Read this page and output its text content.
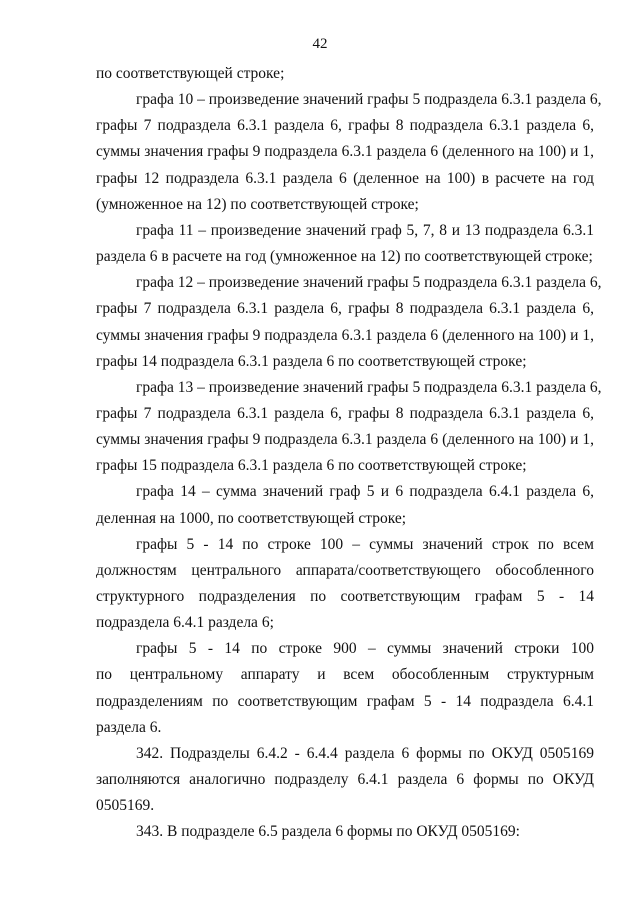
42
по соответствующей строке;
графа 10 – произведение значений графы 5 подраздела 6.3.1 раздела 6,
графы 7 подраздела 6.3.1 раздела 6, графы 8 подраздела 6.3.1 раздела 6,
суммы значения графы 9 подраздела 6.3.1 раздела 6 (деленного на 100) и 1,
графы 12 подраздела 6.3.1 раздела 6 (деленное на 100) в расчете на год
(умноженное на 12) по соответствующей строке;
графа 11 – произведение значений граф 5, 7, 8 и 13 подраздела 6.3.1
раздела 6 в расчете на год (умноженное на 12) по соответствующей строке;
графа 12 – произведение значений графы 5 подраздела 6.3.1 раздела 6,
графы 7 подраздела 6.3.1 раздела 6, графы 8 подраздела 6.3.1 раздела 6,
суммы значения графы 9 подраздела 6.3.1 раздела 6 (деленного на 100) и 1,
графы 14 подраздела 6.3.1 раздела 6 по соответствующей строке;
графа 13 – произведение значений графы 5 подраздела 6.3.1 раздела 6,
графы 7 подраздела 6.3.1 раздела 6, графы 8 подраздела 6.3.1 раздела 6,
суммы значения графы 9 подраздела 6.3.1 раздела 6 (деленного на 100) и 1,
графы 15 подраздела 6.3.1 раздела 6 по соответствующей строке;
графа 14 – сумма значений граф 5 и 6 подраздела 6.4.1 раздела 6,
деленная на 1000, по соответствующей строке;
графы 5 - 14 по строке 100 – суммы значений строк по всем
должностям центрального аппарата/соответствующего обособленного
структурного подразделения по соответствующим графам 5 - 14
подраздела 6.4.1 раздела 6;
графы 5 - 14 по строке 900 – суммы значений строки 100
по центральному аппарату и всем обособленным структурным
подразделениям по соответствующим графам 5 - 14 подраздела 6.4.1
раздела 6.
342. Подразделы 6.4.2 - 6.4.4 раздела 6 формы по ОКУД 0505169
заполняются аналогично подразделу 6.4.1 раздела 6 формы по ОКУД
0505169.
343. В подразделе 6.5 раздела 6 формы по ОКУД 0505169:
